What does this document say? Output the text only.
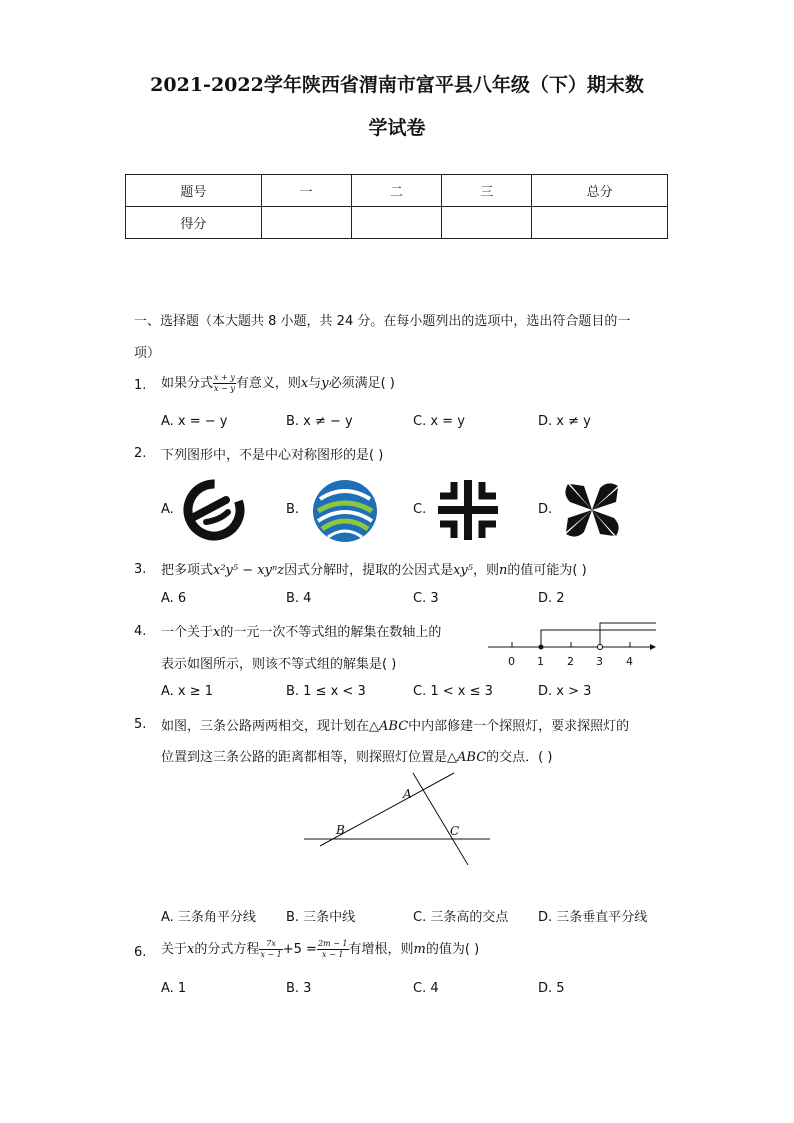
2021-2022学年陕西省渭南市富平县八年级（下）期末数
学试卷
题号	一	二	三	总分
得分				
一、选择题（本大题共 8 小题，共 24 分。在每小题列出的选项中，选出符合题目的一
项）
1. 如果分式 $\frac{x + y}{x - y}$ 有意义，则x与y必须满足( )
A. x = − y	B. x ≠ − y	C. x = y	D. x ≠ y
2. 下列图形中，不是中心对称图形的是( )
A.	B.	C.	D.
3. 把多项式x²y⁵ − xyⁿz因式分解时，提取的公因式是xy⁵，则n的值可能为( )
A. 6	B. 4	C. 3	D. 2
4. 一个关于x的一元一次不等式组的解集在数轴上的
表示如图所示，则该不等式组的解集是( )	0 1 2 3 4
A. x ≥ 1	B. 1 ≤ x < 3	C. 1 < x ≤ 3	D. x > 3
5. 如图，三条公路两两相交，现计划在△ABC中内部修建一个探照灯，要求探照灯的
位置到这三条公路的距离都相等，则探照灯位置是△ABC的交点．( )
A
B	C
A. 三条角平分线 B. 三条中线	C. 三条高的交点 D. 三条垂直平分线
6. 关于x的分式方程 $\frac{7x}{x - 1} +5 = \frac{2m - 1}{x - 1}$ 有增根，则m的值为( )
A. 1	B. 3	C. 4	D. 5
